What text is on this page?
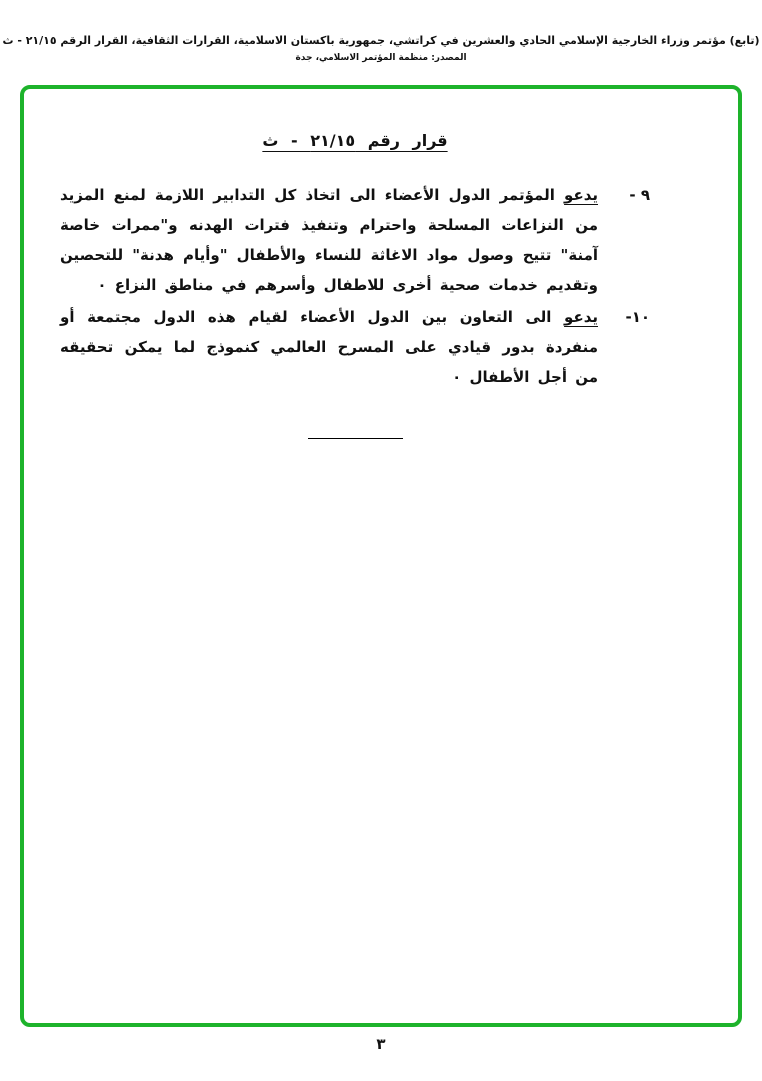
(تابع) مؤتمر وزراء الخارجية الإسلامي الحادي والعشرين في كراتشي، جمهورية باكستان الاسلامية، القرارات الثقافية، القرار الرقم ٢١/١٥ - ث
المصدر: منظمة المؤتمر الاسلامي، جدة
قرار رقم ٢١/١٥ - ث
٩ -
يدعو المؤتمر الدول الأعضاء الى اتخاذ كل التدابير اللازمة لمنع المزيد من النزاعات المسلحة واحترام وتنفيذ فترات الهدنه و"ممرات خاصة آمنة" تتيح وصول مواد الاغاثة للنساء والأطفال "وأيام هدنة" للتحصين وتقديم خدمات صحية أخرى للاطفال وأسرهم في مناطق النزاع ٠
١٠-
يدعو الى التعاون بين الدول الأعضاء لقيام هذه الدول مجتمعة أو منفردة بدور قيادي على المسرح العالمي كنموذج لما يمكن تحقيقه من أجل الأطفال ٠
٣
